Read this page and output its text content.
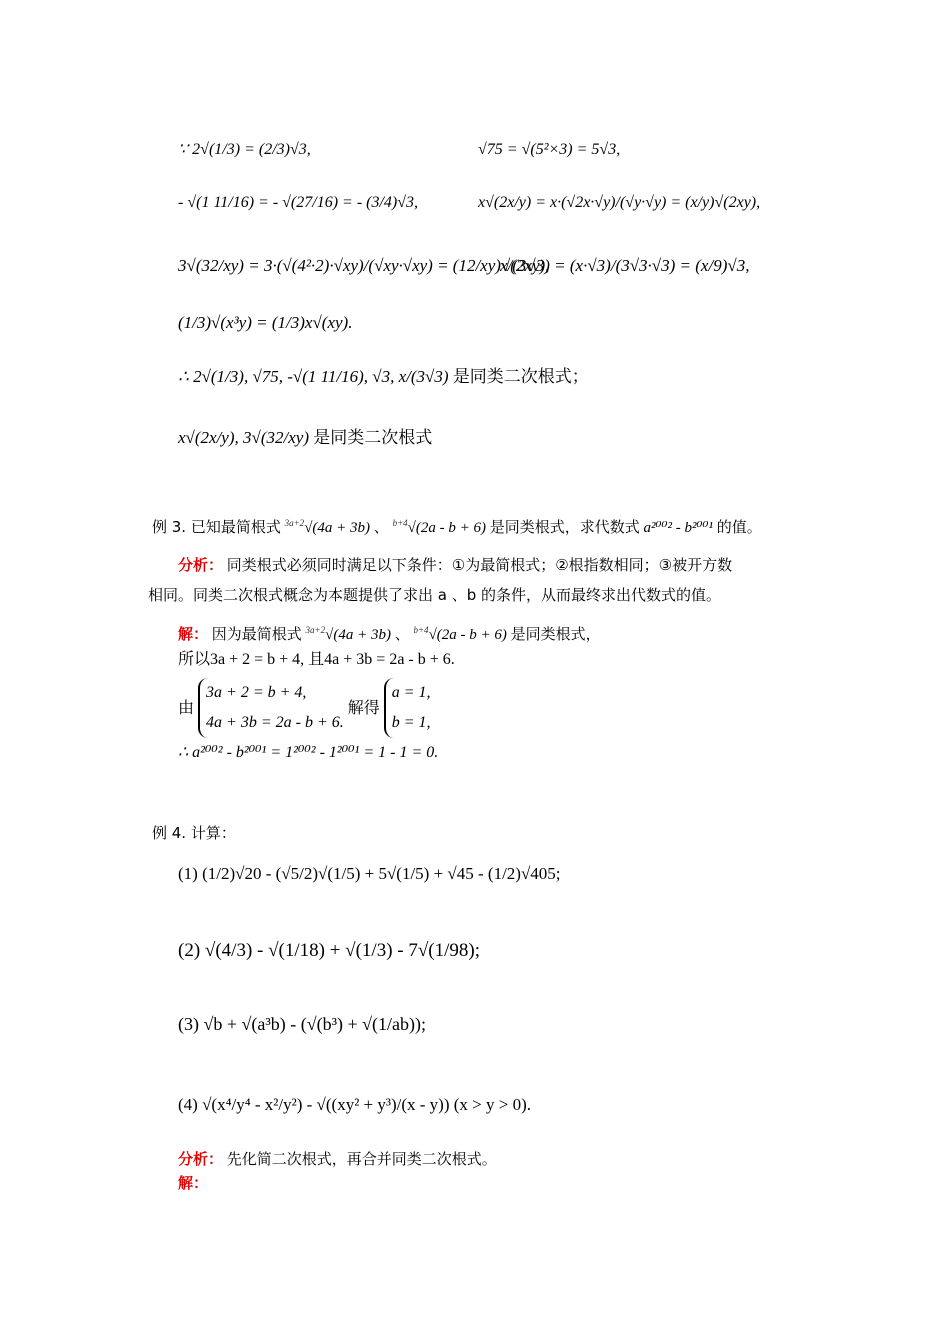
∵ 2√(1/3) = (2/3)√3,	√75 = √(5²×3) = 5√3,
- √(1 11/16) = - √(27/16) = - (3/4)√3,	x√(2x/y) = x·(√2x·√y)/(√y·√y) = (x/y)√(2xy),
3√(32/xy) = 3·(√(4²·2)·√xy)/(√xy·√xy) = (12/xy)√(2xy),
x/(3√3) = (x·√3)/(3√3·√3) = (x/9)√3,
(1/3)√(x³y) = (1/3)x√(xy).
∴ 2√(1/3), √75, -√(1 11/16), √3, x/(3√3) 是同类二次根式；
x√(2x/y), 3√(32/xy) 是同类二次根式
例 3. 已知最简根式 $^{3a+2}$√(4a + 3b) 、 $^{b+4}$√(2a - b + 6) 是同类根式，求代数式 a²⁰⁰² - b²⁰⁰¹ 的值。
分析： 同类根式必须同时满足以下条件：①为最简根式；②根指数相同；③被开方数
相同。同类二次根式概念为本题提供了求出 a 、b 的条件，从而最终求出代数式的值。
解： 因为最简根式 $^{3a+2}$√(4a + 3b) 、 $^{b+4}$√(2a - b + 6) 是同类根式，
所以3a + 2 = b + 4, 且4a + 3b = 2a - b + 6.
由
3a + 2 = b + 4,
4a + 3b = 2a - b + 6.
解得
a = 1,
b = 1,
∴ a²⁰⁰² - b²⁰⁰¹ = 1²⁰⁰² - 1²⁰⁰¹ = 1 - 1 = 0.
例 4. 计算：
(1) (1/2)√20 - (√5/2)√(1/5) + 5√(1/5) + √45 - (1/2)√405;
(2) √(4/3) - √(1/18) + √(1/3) - 7√(1/98);
(3) √b + √(a³b) - (√(b³) + √(1/ab));
(4) √(x⁴/y⁴ - x²/y²) - √((xy² + y³)/(x - y)) (x > y > 0).
分析： 先化简二次根式，再合并同类二次根式。
解：
